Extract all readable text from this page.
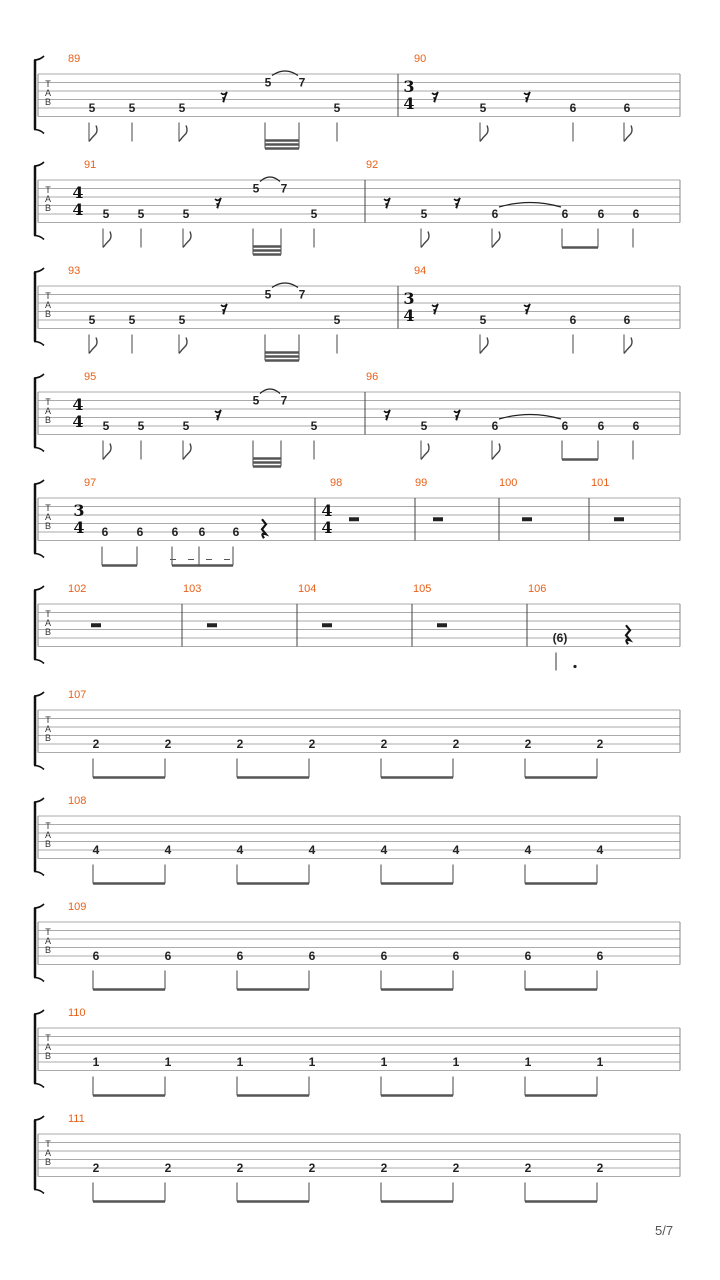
T
A
B
89
5	5	5 𝄾
5 7
5
90
3
4 𝄾	5 𝄾	6	6
T
A
B
91
4
4 5 5	5 𝄾
5 7
5
92
𝄾	5 𝄾	6	6 6 6
T
A
B
93
5	5	5 𝄾
5 7
5
94
3
4 𝄾	5 𝄾	6	6
T
A
B
95
4
4 5 5	5 𝄾
5 7
5
96
𝄾	5 𝄾	6	6 6 6
T
A
B
97
3
4 6 6 6 6 6
98
4
4
99	100	101
T
A
B
102	103	104	105	106
(6)
T
A
B
107
2	2	2	2	2	2	2	2
T
A
B
108
4	4	4	4	4	4	4	4
T
A
B
109
6	6	6	6	6	6	6	6
T
A
B
110
1	1	1	1	1	1	1	1
T
A
B
111
2	2	2	2	2	2	2	2
5/7
